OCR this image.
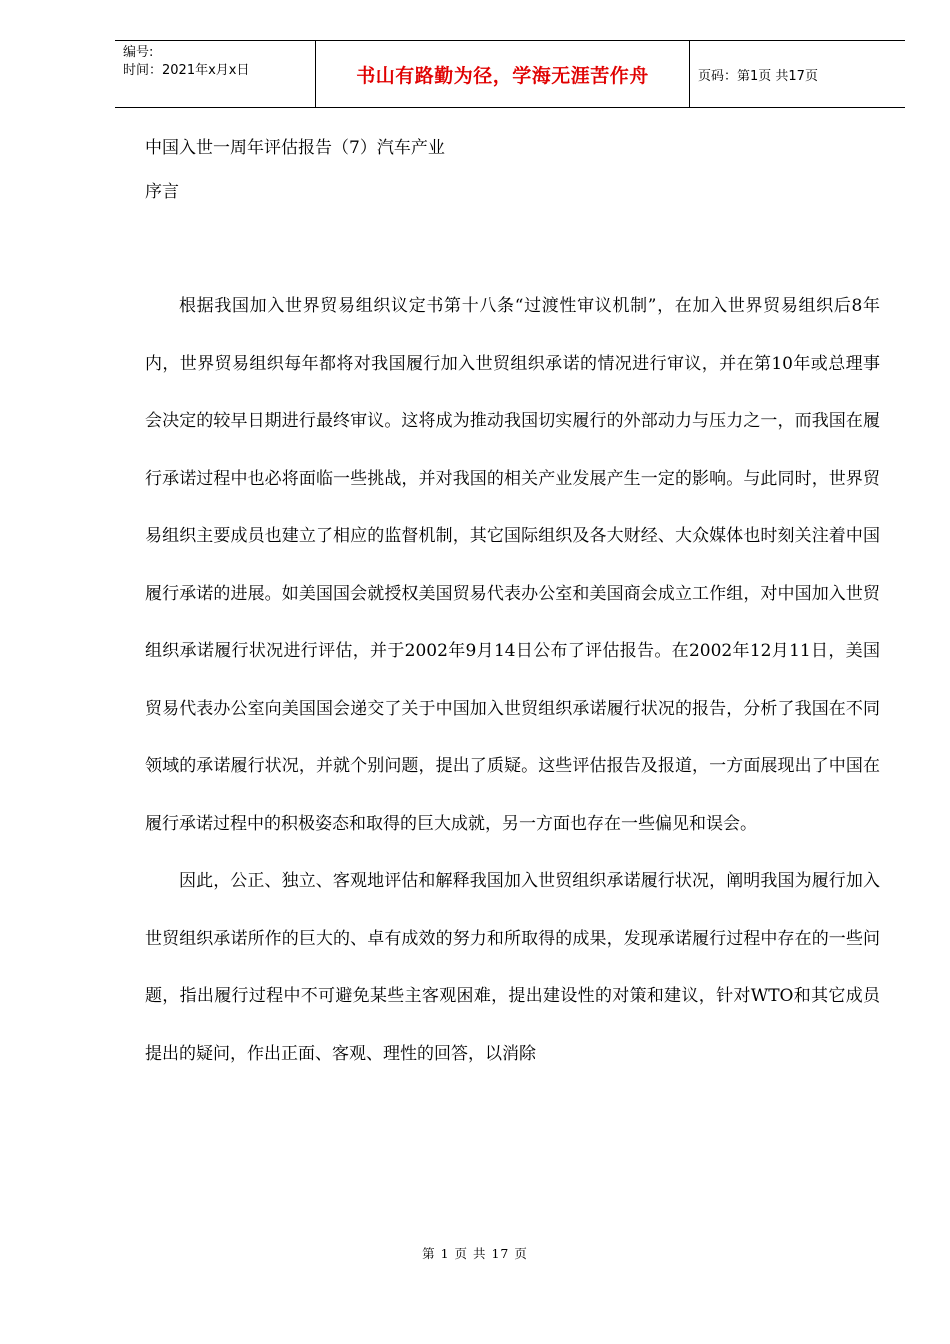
编号:
时间：2021年x月x日	书山有路勤为径，学海无涯苦作舟	页码：第1页 共17页

中国入世一周年评估报告（7）汽车产业

序言

根据我国加入世界贸易组织议定书第十八条“过渡性审议机制”，在加入世界贸易组织后8年内，世界贸易组织每年都将对我国履行加入世贸组织承诺的情况进行审议，并在第10年或总理事会决定的较早日期进行最终审议。这将成为推动我国切实履行的外部动力与压力之一，而我国在履行承诺过程中也必将面临一些挑战，并对我国的相关产业发展产生一定的影响。与此同时，世界贸易组织主要成员也建立了相应的监督机制，其它国际组织及各大财经、大众媒体也时刻关注着中国履行承诺的进展。如美国国会就授权美国贸易代表办公室和美国商会成立工作组，对中国加入世贸组织承诺履行状况进行评估，并于2002年9月14日公布了评估报告。在2002年12月11日，美国贸易代表办公室向美国国会递交了关于中国加入世贸组织承诺履行状况的报告，分析了我国在不同领域的承诺履行状况，并就个别问题，提出了质疑。这些评估报告及报道，一方面展现出了中国在履行承诺过程中的积极姿态和取得的巨大成就，另一方面也存在一些偏见和误会。

因此，公正、独立、客观地评估和解释我国加入世贸组织承诺履行状况，阐明我国为履行加入世贸组织承诺所作的巨大的、卓有成效的努力和所取得的成果，发现承诺履行过程中存在的一些问题，指出履行过程中不可避免某些主客观困难，提出建设性的对策和建议，针对WTO和其它成员提出的疑问，作出正面、客观、理性的回答，以消除

第 1 页 共 17 页
